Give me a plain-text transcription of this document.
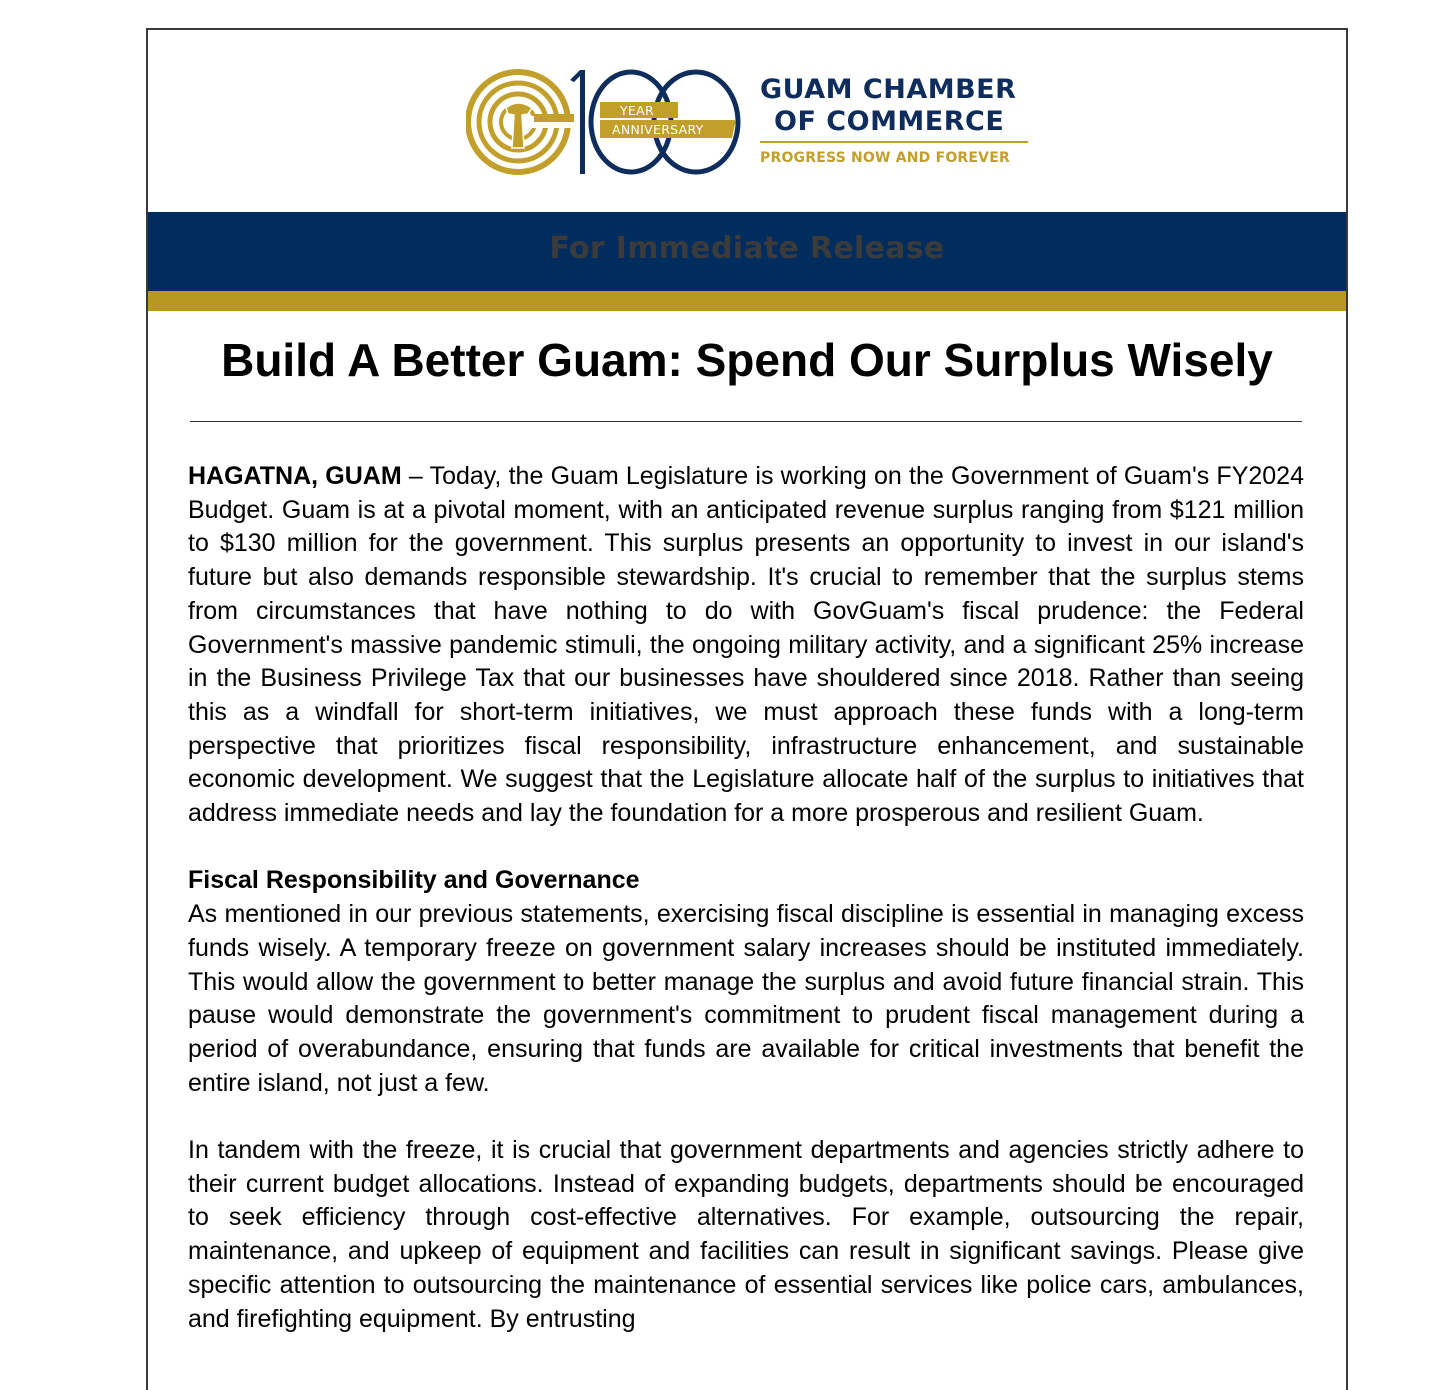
YEAR
ANNIVERSARY
GUAM CHAMBER
OF COMMERCE
PROGRESS NOW AND FOREVER
For Immediate Release
Build A Better Guam: Spend Our Surplus Wisely

HAGATNA, GUAM – Today, the Guam Legislature is working on the Government of Guam's FY2024 Budget. Guam is at a pivotal moment, with an anticipated revenue surplus ranging from $121 million to $130 million for the government. This surplus presents an opportunity to invest in our island's future but also demands responsible stewardship. It's crucial to remember that the surplus stems from circumstances that have nothing to do with GovGuam's fiscal prudence: the Federal Government's massive pandemic stimuli, the ongoing military activity, and a significant 25% increase in the Business Privilege Tax that our businesses have shouldered since 2018. Rather than seeing this as a windfall for short-term initiatives, we must approach these funds with a long-term perspective that prioritizes fiscal responsibility, infrastructure enhancement, and sustainable economic development. We suggest that the Legislature allocate half of the surplus to initiatives that address immediate needs and lay the foundation for a more prosperous and resilient Guam.

Fiscal Responsibility and Governance
As mentioned in our previous statements, exercising fiscal discipline is essential in managing excess funds wisely. A temporary freeze on government salary increases should be instituted immediately. This would allow the government to better manage the surplus and avoid future financial strain. This pause would demonstrate the government's commitment to prudent fiscal management during a period of overabundance, ensuring that funds are available for critical investments that benefit the entire island, not just a few.

In tandem with the freeze, it is crucial that government departments and agencies strictly adhere to their current budget allocations. Instead of expanding budgets, departments should be encouraged to seek efficiency through cost-effective alternatives. For example, outsourcing the repair, maintenance, and upkeep of equipment and facilities can result in significant savings. Please give specific attention to outsourcing the maintenance of essential services like police cars, ambulances, and firefighting equipment. By entrusting
